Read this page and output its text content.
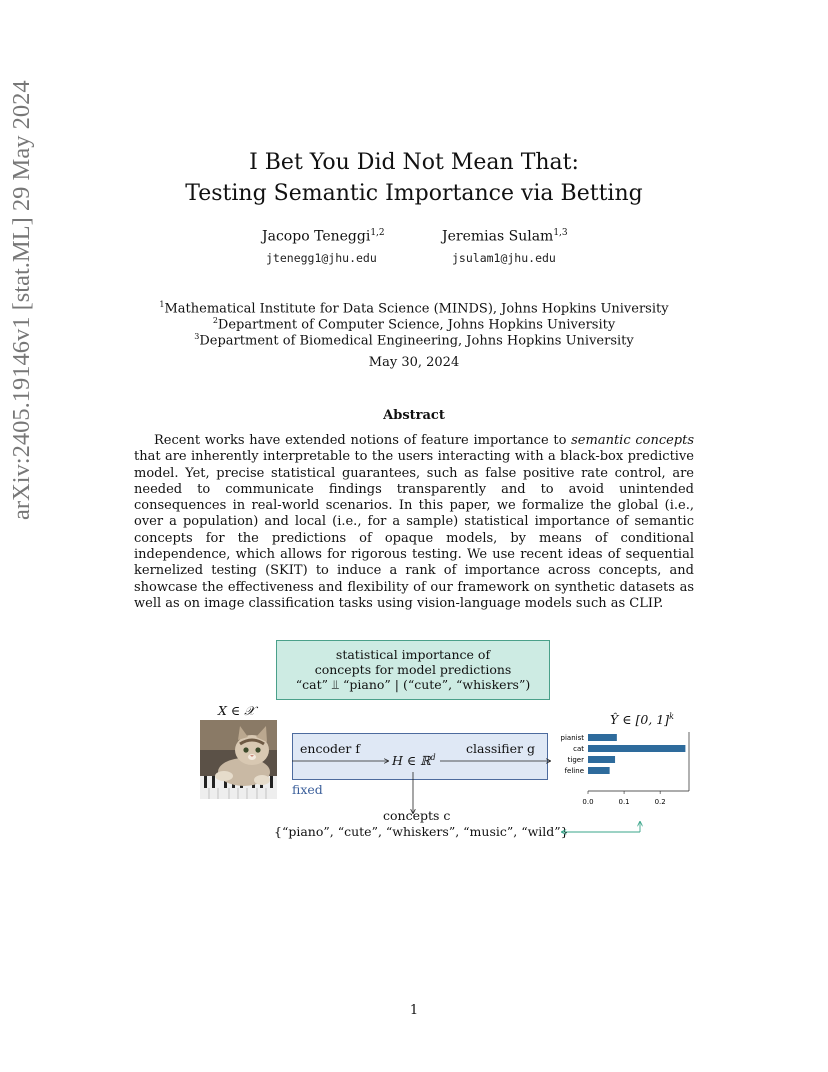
arXiv:2405.19146v1 [stat.ML] 29 May 2024	I Bet You Did Not Mean That:
Testing Semantic Importance via Betting
Jacopo Teneggi$^{1,2}$	Jeremias Sulam$^{1,3}$
jtenegg1@jhu.edu	jsulam1@jhu.edu
$^1$Mathematical Institute for Data Science (MINDS), Johns Hopkins University
$^2$Department of Computer Science, Johns Hopkins University
$^3$Department of Biomedical Engineering, Johns Hopkins University
May 30, 2024
Abstract
Recent works have extended notions of feature importance to semantic concepts that are inherently interpretable to the users interacting with a black-box predictive model. Yet, precise statistical guarantees, such as false positive rate control, are needed to communicate findings transparently and to avoid unintended consequences in real-world scenarios. In this paper, we formalize the global (i.e., over a population) and local (i.e., for a sample) statistical importance of semantic concepts for the predictions of opaque models, by means of conditional independence, which allows for rigorous testing. We use recent ideas of sequential kernelized testing (SKIT) to induce a rank of importance across concepts, and showcase the effectiveness and flexibility of our framework on synthetic datasets as well as on image classification tasks using vision-language models such as CLIP.
statistical importance of
concepts for model predictions
“cat” ⫫ “piano” | (“cute”, “whiskers”)
X ∈ 𝒳
encoder f	classifier g
H ∈ ℝ$^d$
fixed
concepts c
{“piano”, “cute”, “whiskers”, “music”, “wild”}
Ŷ ∈ [0, 1]$^k$
pianist
cat
tiger
feline
0.0	0.1	0.2
1
